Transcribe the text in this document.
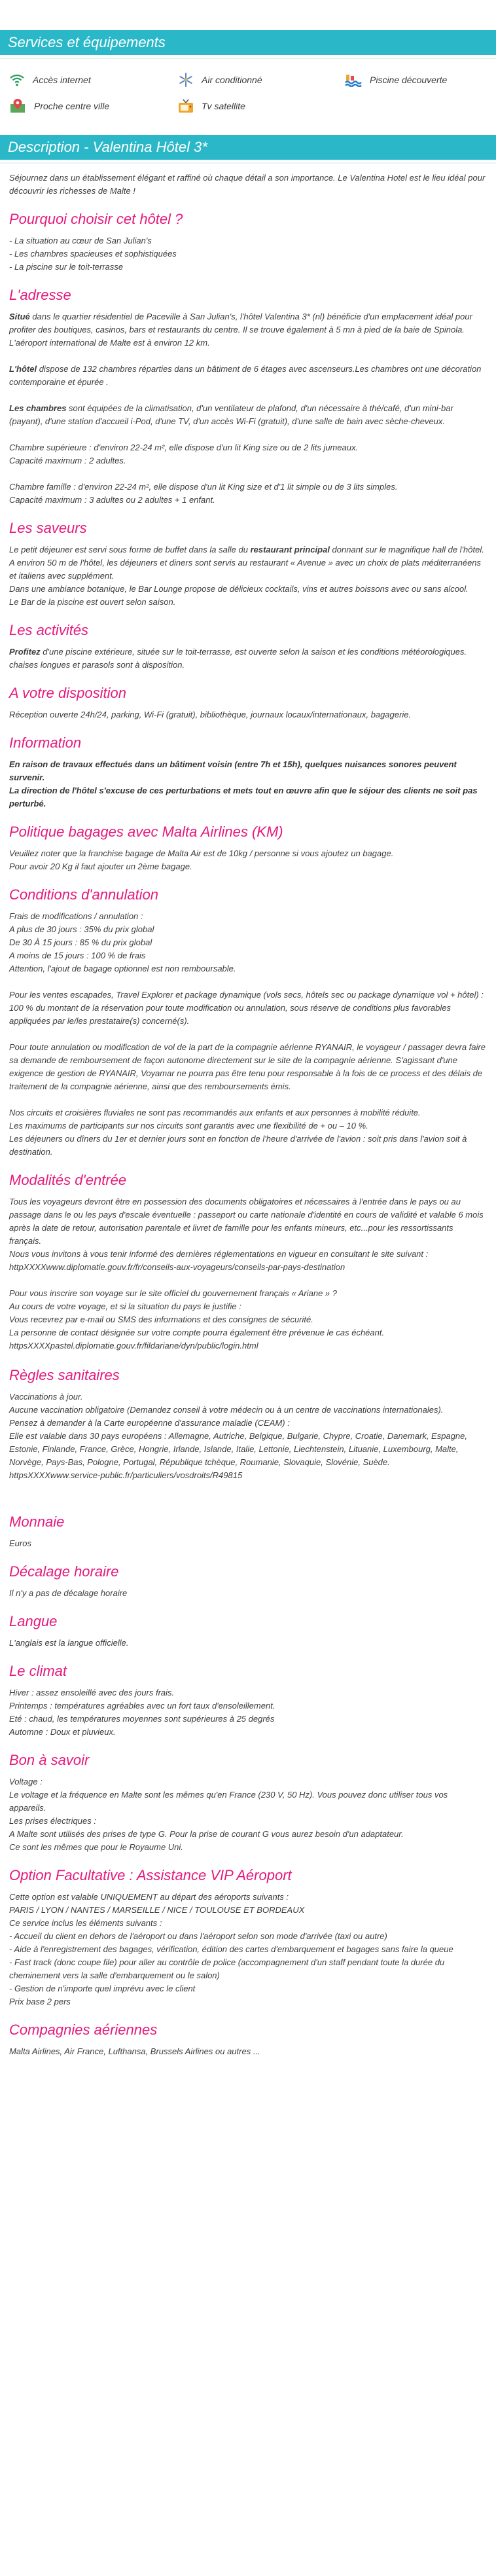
Services et équipements
Accès internet	Air conditionné	Piscine découverte
Proche centre ville	Tv satellite
Description - Valentina Hôtel 3*

Séjournez dans un établissement élégant et raffiné où chaque détail a son importance. Le Valentina Hotel est le lieu idéal pour découvrir les richesses de Malte !

Pourquoi choisir cet hôtel ?

- La situation au cœur de San Julian's

- Les chambres spacieuses et sophistiquées

- La piscine sur le toit-terrasse

L'adresse

Situé dans le quartier résidentiel de Paceville à San Julian's, l'hôtel Valentina 3* (nl) bénéficie d'un emplacement idéal pour profiter des boutiques, casinos, bars et restaurants du centre. Il se trouve également à 5 mn à pied de la baie de Spinola.

L'aéroport international de Malte est à environ 12 km.

L'hôtel dispose de 132 chambres réparties dans un bâtiment de 6 étages avec ascenseurs.Les chambres ont une décoration contemporaine et épurée .

Les chambres sont équipées de la climatisation, d'un ventilateur de plafond, d'un nécessaire à thé/café, d'un mini-bar (payant), d'une station d'accueil i-Pod, d'une TV, d'un accès Wi-Fi (gratuit), d'une salle de bain avec sèche-cheveux.

Chambre supérieure : d'environ 22-24 m², elle dispose d'un lit King size ou de 2 lits jumeaux.

Capacité maximum : 2 adultes.

Chambre famille : d'environ 22-24 m², elle dispose d'un lit King size et d'1 lit simple ou de 3 lits simples.

Capacité maximum : 3 adultes ou 2 adultes + 1 enfant.

Les saveurs

Le petit déjeuner est servi sous forme de buffet dans la salle du restaurant principal donnant sur le magnifique hall de l'hôtel.

A environ 50 m de l'hôtel, les déjeuners et diners sont servis au restaurant « Avenue » avec un choix de plats méditerranéens et italiens avec supplément.

Dans une ambiance botanique, le Bar Lounge propose de délicieux cocktails, vins et autres boissons avec ou sans alcool.

Le Bar de la piscine est ouvert selon saison.

Les activités

Profitez d'une piscine extérieure, située sur le toit-terrasse, est ouverte selon la saison et les conditions météorologiques. chaises longues et parasols sont à disposition.

A votre disposition

Réception ouverte 24h/24, parking, Wi-Fi (gratuit), bibliothèque, journaux locaux/internationaux, bagagerie.

Information

En raison de travaux effectués dans un bâtiment voisin (entre 7h et 15h), quelques nuisances sonores peuvent survenir.

La direction de l'hôtel s'excuse de ces perturbations et mets tout en œuvre afin que le séjour des clients ne soit pas perturbé.

Politique bagages avec Malta Airlines (KM)

Veuillez noter que la franchise bagage de Malta Air est de 10kg / personne si vous ajoutez un bagage.

Pour avoir 20 Kg il faut ajouter un 2ème bagage.

Conditions d'annulation

Frais de modifications / annulation :

A plus de 30 jours : 35% du prix global

De 30 À 15 jours : 85 % du prix global

A moins de 15 jours : 100 % de frais

Attention, l'ajout de bagage optionnel est non remboursable.

Pour les ventes escapades, Travel Explorer et package dynamique (vols secs, hôtels sec ou package dynamique vol + hôtel) : 100 % du montant de la réservation pour toute modification ou annulation, sous réserve de conditions plus favorables appliquées par le/les prestataire(s) concerné(s).

Pour toute annulation ou modification de vol de la part de la compagnie aérienne RYANAIR, le voyageur / passager devra faire sa demande de remboursement de façon autonome directement sur le site de la compagnie aérienne. S'agissant d'une exigence de gestion de RYANAIR, Voyamar ne pourra pas être tenu pour responsable à la fois de ce process et des délais de traitement de la compagnie aérienne, ainsi que des remboursements émis.

Nos circuits et croisières fluviales ne sont pas recommandés aux enfants et aux personnes à mobilité réduite.

Les maximums de participants sur nos circuits sont garantis avec une flexibilité de + ou – 10 %.

Les déjeuners ou dîners du 1er et dernier jours sont en fonction de l'heure d'arrivée de l'avion : soit pris dans l'avion soit à destination.

Modalités d'entrée

Tous les voyageurs devront être en possession des documents obligatoires et nécessaires à l'entrée dans le pays ou au passage dans le ou les pays d'escale éventuelle : passeport ou carte nationale d'identité en cours de validité et valable 6 mois après la date de retour, autorisation parentale et livret de famille pour les enfants mineurs, etc...pour les ressortissants français.

Nous vous invitons à vous tenir informé des dernières réglementations en vigueur en consultant le site suivant : httpXXXXwww.diplomatie.gouv.fr/fr/conseils-aux-voyageurs/conseils-par-pays-destination

Pour vous inscrire son voyage sur le site officiel du gouvernement français « Ariane » ?

Au cours de votre voyage, et si la situation du pays le justifie :

Vous recevrez par e-mail ou SMS des informations et des consignes de sécurité.

La personne de contact désignée sur votre compte pourra également être prévenue le cas échéant.

httpsXXXXpastel.diplomatie.gouv.fr/fildariane/dyn/public/login.html

Règles sanitaires

Vaccinations à jour.

Aucune vaccination obligatoire (Demandez conseil à votre médecin ou à un centre de vaccinations internationales).

Pensez à demander à la Carte européenne d'assurance maladie (CEAM) :

Elle est valable dans 30 pays européens : Allemagne, Autriche, Belgique, Bulgarie, Chypre, Croatie, Danemark, Espagne, Estonie, Finlande, France, Grèce, Hongrie, Irlande, Islande, Italie, Lettonie, Liechtenstein, Lituanie, Luxembourg, Malte, Norvège, Pays-Bas, Pologne, Portugal, République tchèque, Roumanie, Slovaquie, Slovénie, Suède.

httpsXXXXwww.service-public.fr/particuliers/vosdroits/R49815

Monnaie

Euros

Décalage horaire

Il n'y a pas de décalage horaire

Langue

L'anglais est la langue officielle.

Le climat

Hiver : assez ensoleillé avec des jours frais.

Printemps : températures agréables avec un fort taux d'ensoleillement.

Eté : chaud, les températures moyennes sont supérieures à 25 degrés

Automne : Doux et pluvieux.

Bon à savoir

Voltage :

Le voltage et la fréquence en Malte sont les mêmes qu'en France (230 V, 50 Hz). Vous pouvez donc utiliser tous vos appareils.

Les prises électriques :

A Malte sont utilisés des prises de type G. Pour la prise de courant G vous aurez besoin d'un adaptateur.

Ce sont les mêmes que pour le Royaume Uni.

Option Facultative : Assistance VIP Aéroport

Cette option est valable UNIQUEMENT au départ des aéroports suivants :

PARIS / LYON / NANTES / MARSEILLE / NICE / TOULOUSE ET BORDEAUX

Ce service inclus les éléments suivants :

- Accueil du client en dehors de l'aéroport ou dans l'aéroport selon son mode d'arrivée (taxi ou autre)

- Aide à l'enregistrement des bagages, vérification, édition des cartes d'embarquement et bagages sans faire la queue

- Fast track (donc coupe file) pour aller au contrôle de police (accompagnement d'un staff pendant toute la durée du cheminement vers la salle d'embarquement ou le salon)

- Gestion de n'importe quel imprévu avec le client

Prix base 2 pers

Compagnies aériennes

Malta Airlines, Air France, Lufthansa, Brussels Airlines ou autres ...
